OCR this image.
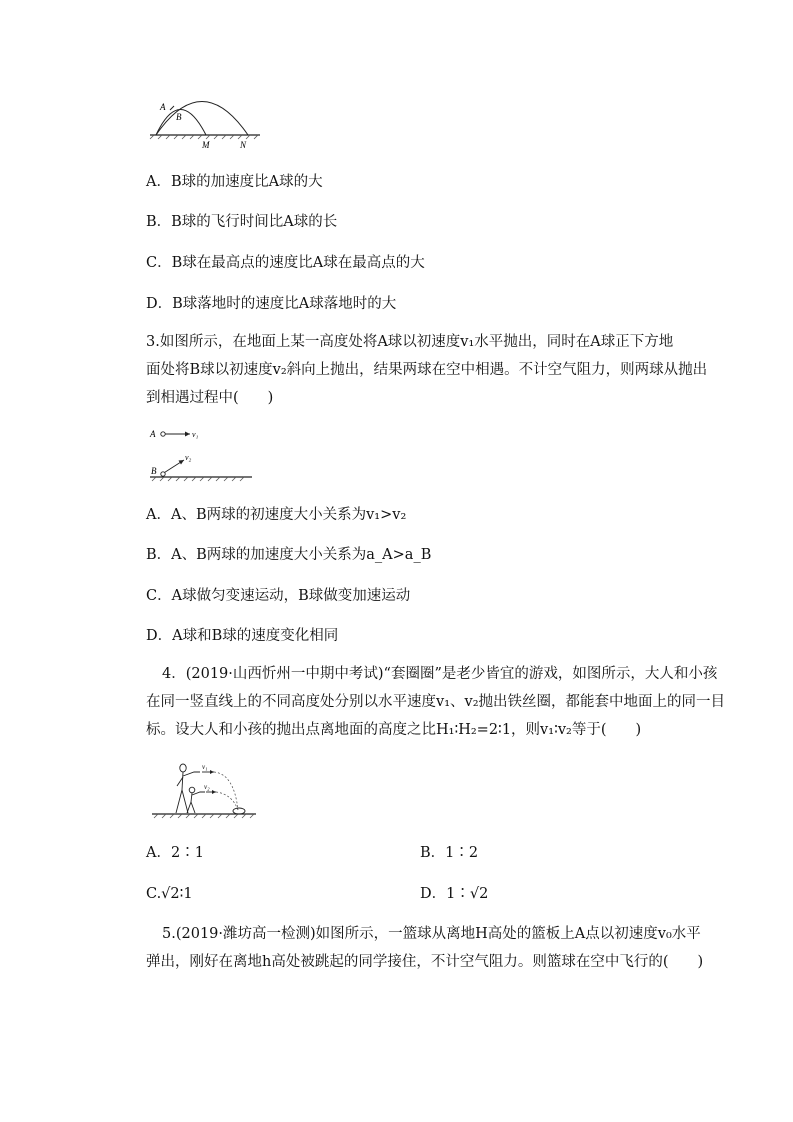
A
B
M	N
A．B球的加速度比A球的大
B．B球的飞行时间比A球的长
C．B球在最高点的速度比A球在最高点的大
D．B球落地时的速度比A球落地时的大
3.如图所示，在地面上某一高度处将A球以初速度v₁水平抛出，同时在A球正下方地
面处将B球以初速度v₂斜向上抛出，结果两球在空中相遇。不计空气阻力，则两球从抛出
到相遇过程中(　　)
A	v₁
B
v₂
A．A、B两球的初速度大小关系为v₁>v₂
B．A、B两球的加速度大小关系为a_A>a_B
C．A球做匀变速运动，B球做变加速运动
D．A球和B球的速度变化相同
4．(2019·山西忻州一中期中考试)“套圈圈”是老少皆宜的游戏，如图所示，大人和小孩
在同一竖直线上的不同高度处分别以水平速度v₁、v₂抛出铁丝圈，都能套中地面上的同一目
标。设大人和小孩的抛出点离地面的高度之比H₁∶H₂=2∶1，则v₁∶v₂等于(　　)
v₁
v₂
A．2∶1	B．1∶2
C.√2∶1	D．1∶√2
5.(2019·潍坊高一检测)如图所示，一篮球从离地H高处的篮板上A点以初速度v₀水平
弹出，刚好在离地h高处被跳起的同学接住，不计空气阻力。则篮球在空中飞行的(　　)
